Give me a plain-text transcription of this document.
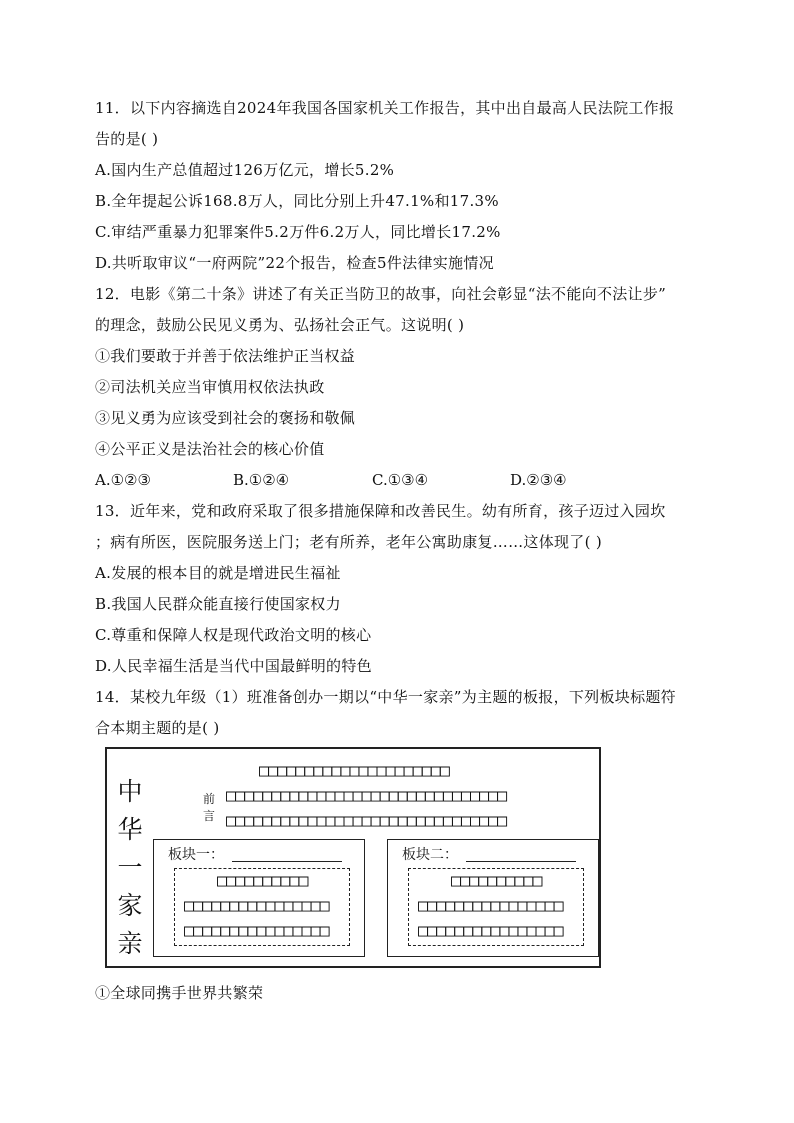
11．以下内容摘选自2024年我国各国家机关工作报告，其中出自最高人民法院工作报
告的是( )
A.国内生产总值超过126万亿元，增长5.2%
B.全年提起公诉168.8万人，同比分别上升47.1%和17.3%
C.审结严重暴力犯罪案件5.2万件6.2万人，同比增长17.2%
D.共听取审议“一府两院”22个报告，检查5件法律实施情况
12．电影《第二十条》讲述了有关正当防卫的故事，向社会彰显“法不能向不法让步”
的理念，鼓励公民见义勇为、弘扬社会正气。这说明( )
①我们要敢于并善于依法维护正当权益
②司法机关应当审慎用权依法执政
③见义勇为应该受到社会的褒扬和敬佩
④公平正义是法治社会的核心价值
A.①②③	B.①②④	C.①③④	D.②③④
13．近年来，党和政府采取了很多措施保障和改善民生。幼有所育，孩子迈过入园坎
；病有所医，医院服务送上门；老有所养，老年公寓助康复……这体现了( )
A.发展的根本目的就是增进民生福祉
B.我国人民群众能直接行使国家权力
C.尊重和保障人权是现代政治文明的核心
D.人民幸福生活是当代中国最鲜明的特色
14．某校九年级（1）班准备创办一期以“中华一家亲”为主题的板报，下列板块标题符
合本期主题的是( )
中
华
一
家
亲
前
言
□□□□□□□□□□□□□□□□□□□□□
□□□□□□□□□□□□□□□□□□□□□□□□□□□□□□□
□□□□□□□□□□□□□□□□□□□□□□□□□□□□□□□
板块一：
□□□□□□□□□□
□□□□□□□□□□□□□□□□
□□□□□□□□□□□□□□□□
板块二：
□□□□□□□□□□
□□□□□□□□□□□□□□□□
□□□□□□□□□□□□□□□□
①全球同携手世界共繁荣
